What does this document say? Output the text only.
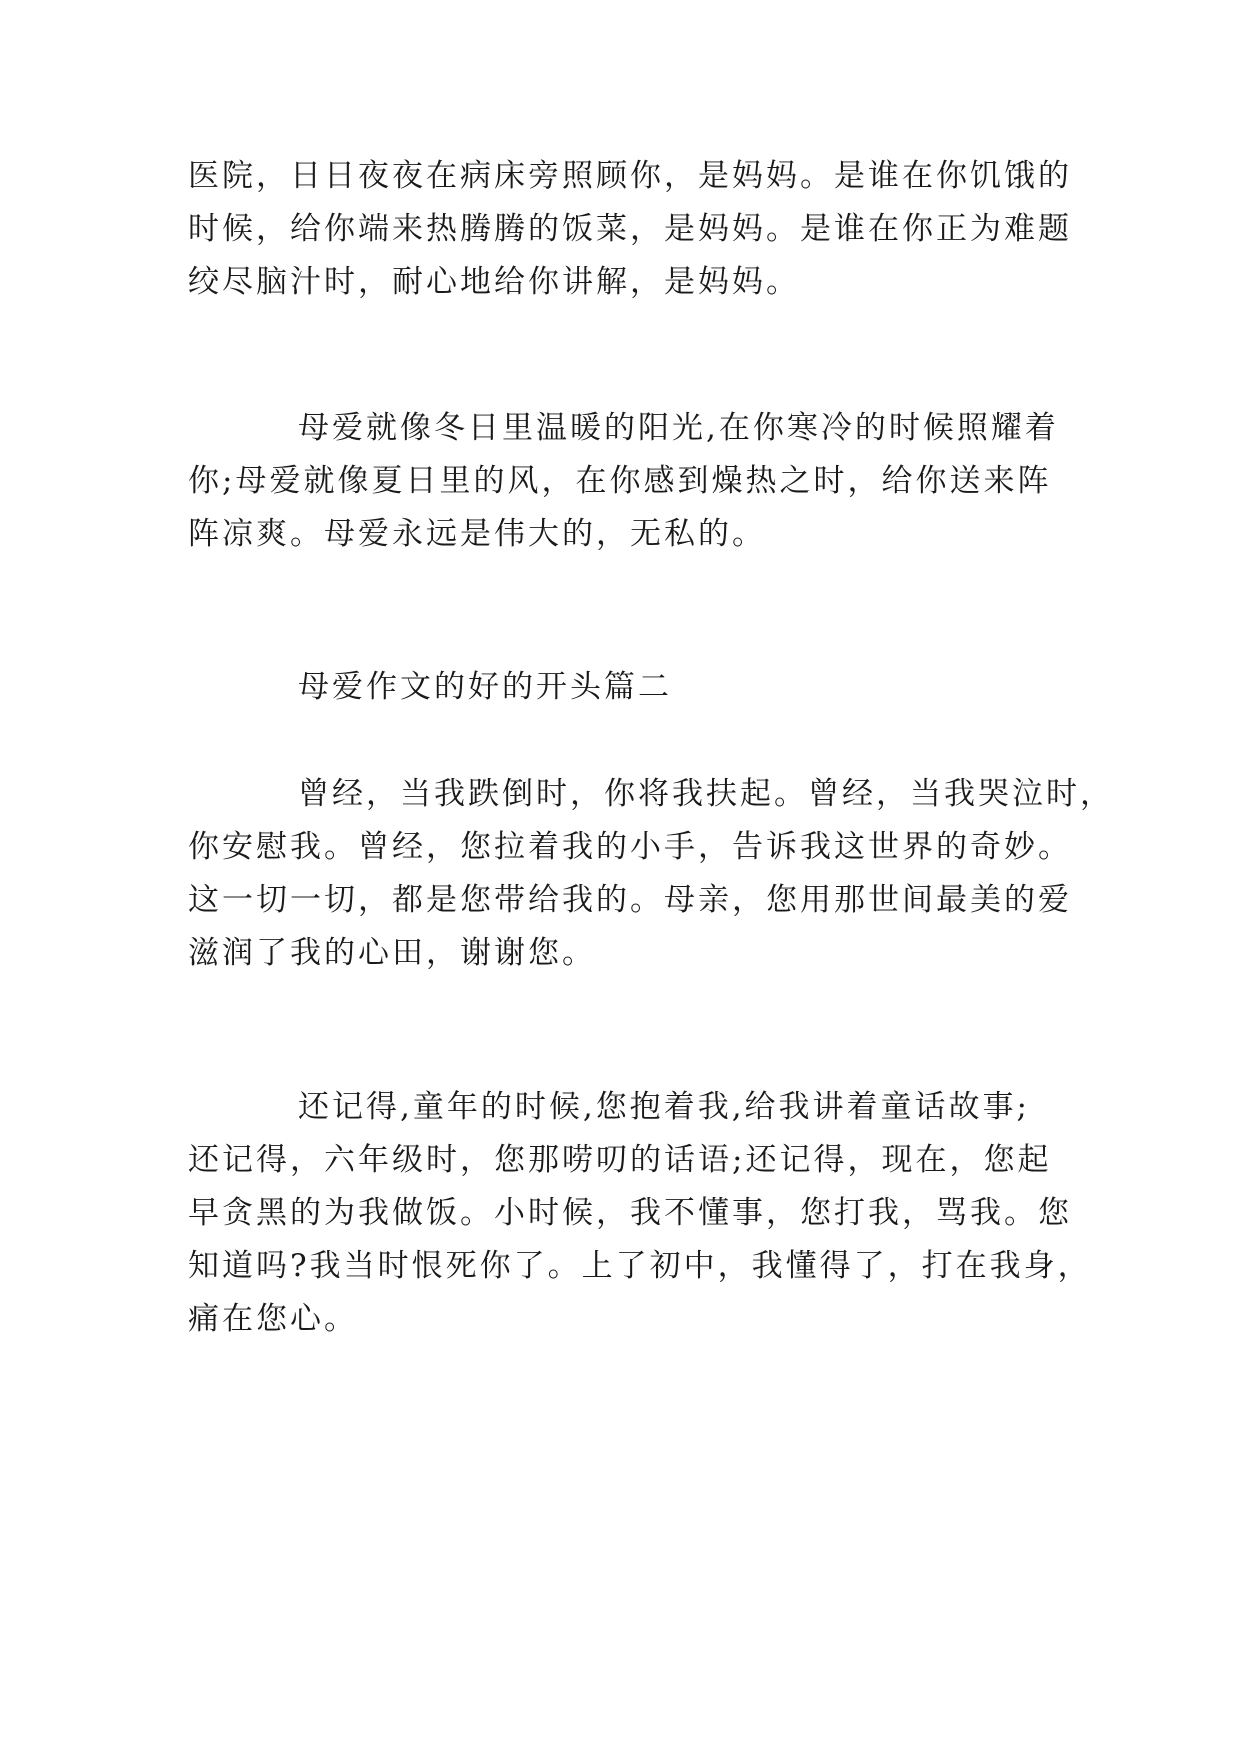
医院，日日夜夜在病床旁照顾你，是妈妈。是谁在你饥饿的
时候，给你端来热腾腾的饭菜，是妈妈。是谁在你正为难题
绞尽脑汁时，耐心地给你讲解，是妈妈。

母爱就像冬日里温暖的阳光,在你寒冷的时候照耀着
你;母爱就像夏日里的风，在你感到燥热之时，给你送来阵
阵凉爽。母爱永远是伟大的，无私的。

母爱作文的好的开头篇二

曾经，当我跌倒时，你将我扶起。曾经，当我哭泣时，
你安慰我。曾经，您拉着我的小手，告诉我这世界的奇妙。
这一切一切，都是您带给我的。母亲，您用那世间最美的爱
滋润了我的心田，谢谢您。

还记得,童年的时候,您抱着我,给我讲着童话故事;
还记得，六年级时，您那唠叨的话语;还记得，现在，您起
早贪黑的为我做饭。小时候，我不懂事，您打我，骂我。您
知道吗?我当时恨死你了。上了初中，我懂得了，打在我身，
痛在您心。
